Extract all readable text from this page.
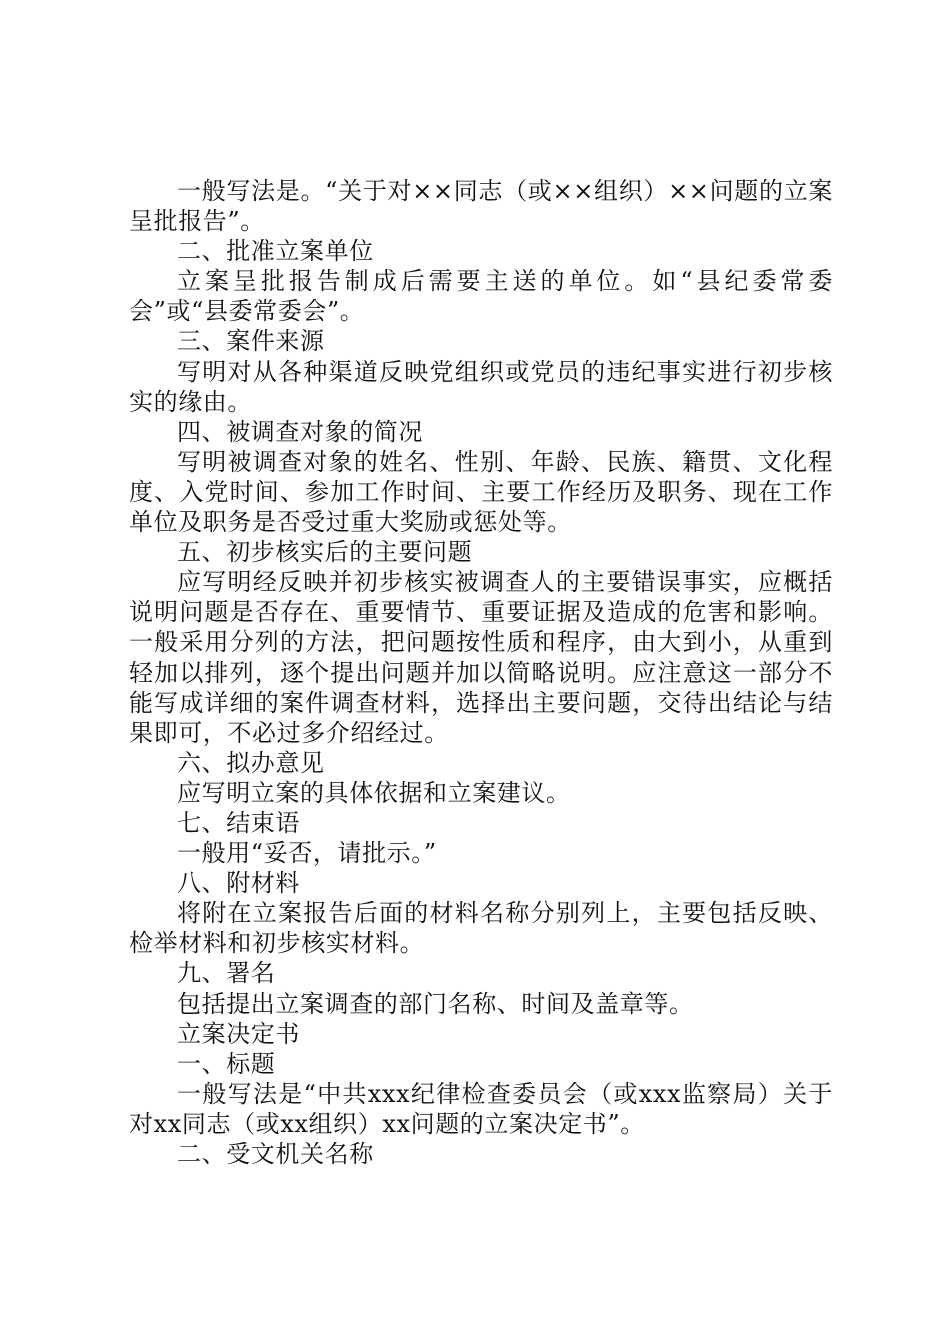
一般写法是。“关于对××同志（或××组织）××问题的立案呈批报告”。

二、批准立案单位

立案呈批报告制成后需要主送的单位。如“县纪委常委会”或“县委常委会”。

三、案件来源

写明对从各种渠道反映党组织或党员的违纪事实进行初步核实的缘由。

四、被调查对象的简况

写明被调查对象的姓名、性别、年龄、民族、籍贯、文化程度、入党时间、参加工作时间、主要工作经历及职务、现在工作单位及职务是否受过重大奖励或惩处等。

五、初步核实后的主要问题

应写明经反映并初步核实被调查人的主要错误事实，应概括说明问题是否存在、重要情节、重要证据及造成的危害和影响。一般采用分列的方法，把问题按性质和程序，由大到小，从重到轻加以排列，逐个提出问题并加以简略说明。应注意这一部分不能写成详细的案件调查材料，选择出主要问题，交待出结论与结果即可，不必过多介绍经过。

六、拟办意见

应写明立案的具体依据和立案建议。

七、结束语

一般用“妥否，请批示。”

八、附材料

将附在立案报告后面的材料名称分别列上，主要包括反映、检举材料和初步核实材料。

九、署名

包括提出立案调查的部门名称、时间及盖章等。

立案决定书

一、标题

一般写法是“中共xxx纪律检查委员会（或xxx监察局）关于对xx同志（或xx组织）xx问题的立案决定书”。

二、受文机关名称
